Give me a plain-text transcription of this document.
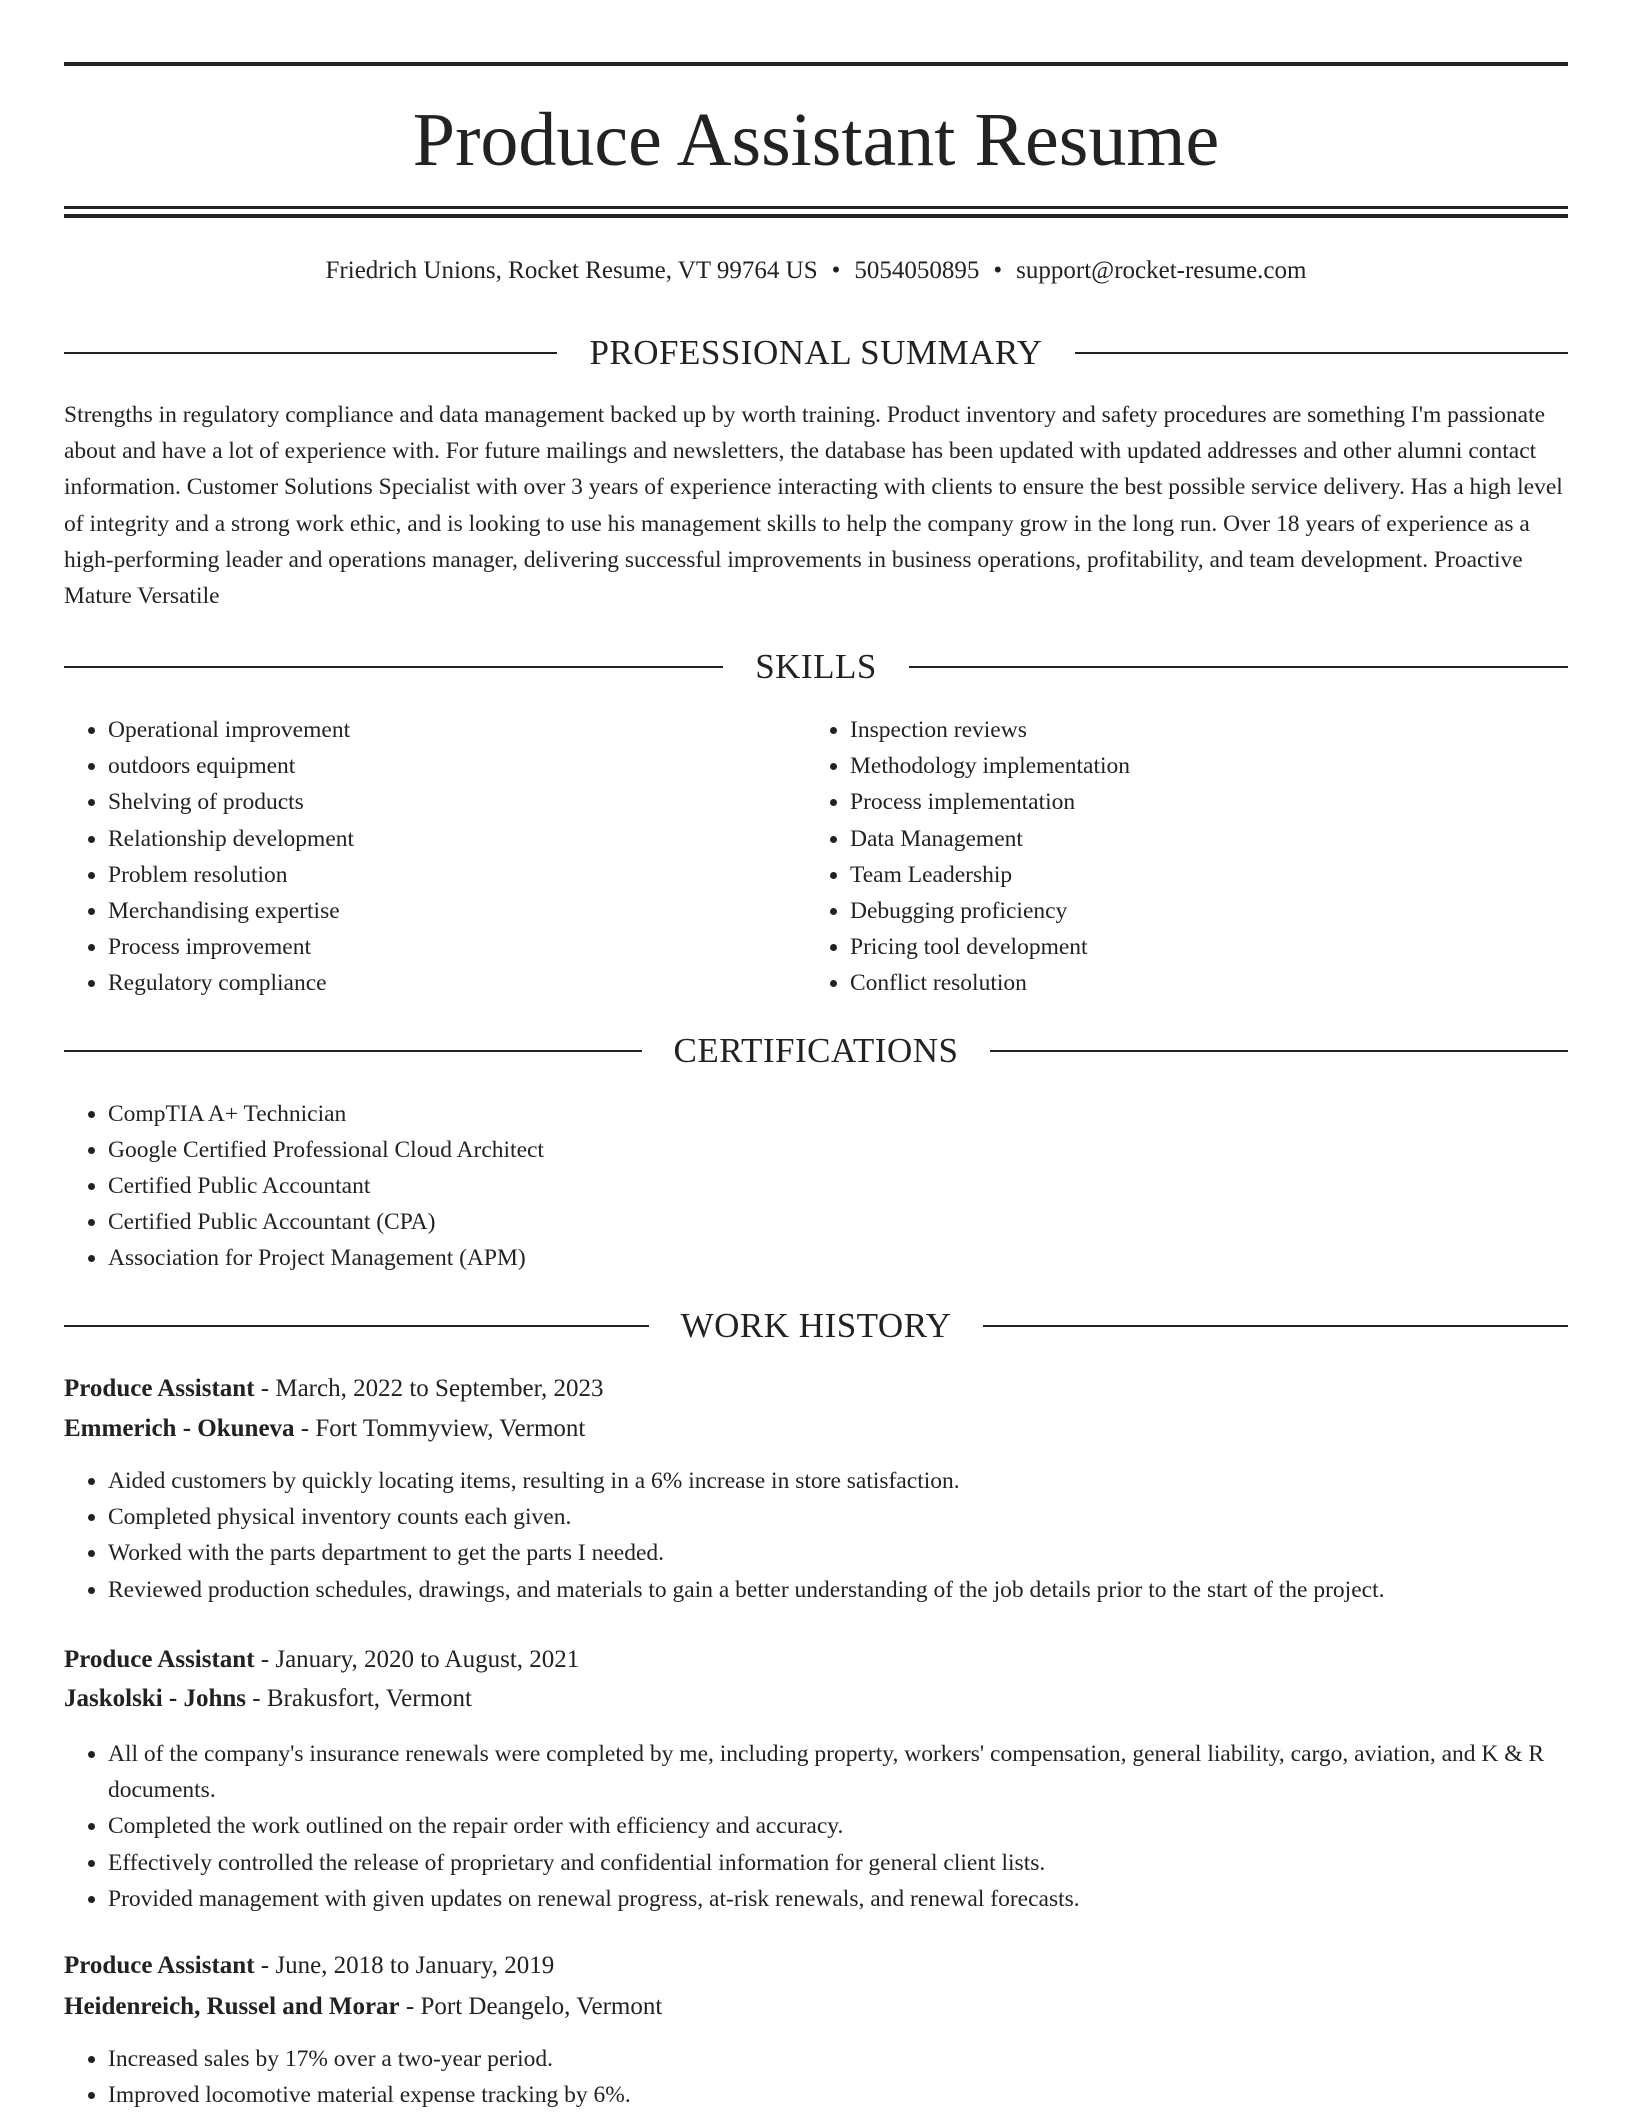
Produce Assistant Resume
Friedrich Unions, Rocket Resume, VT 99764 US • 5054050895 • support@rocket-resume.com
PROFESSIONAL SUMMARY

Strengths in regulatory compliance and data management backed up by worth training. Product inventory and safety procedures are something I'm passionate about and have a lot of experience with. For future mailings and newsletters, the database has been updated with updated addresses and other alumni contact information. Customer Solutions Specialist with over 3 years of experience interacting with clients to ensure the best possible service delivery. Has a high level of integrity and a strong work ethic, and is looking to use his management skills to help the company grow in the long run. Over 18 years of experience as a high-performing leader and operations manager, delivering successful improvements in business operations, profitability, and team development. Proactive Mature Versatile

SKILLS
• Operational improvement
• outdoors equipment
• Shelving of products
• Relationship development
• Problem resolution
• Merchandising expertise
• Process improvement
• Regulatory compliance
• Inspection reviews
• Methodology implementation
• Process implementation
• Data Management
• Team Leadership
• Debugging proficiency
• Pricing tool development
• Conflict resolution
CERTIFICATIONS
• CompTIA A+ Technician
• Google Certified Professional Cloud Architect
• Certified Public Accountant
• Certified Public Accountant (CPA)
• Association for Project Management (APM)
WORK HISTORY
Produce Assistant - March, 2022 to September, 2023
Emmerich - Okuneva - Fort Tommyview, Vermont
• Aided customers by quickly locating items, resulting in a 6% increase in store satisfaction.
• Completed physical inventory counts each given.
• Worked with the parts department to get the parts I needed.
• Reviewed production schedules, drawings, and materials to gain a better understanding of the job details prior to the start of the project.
Produce Assistant - January, 2020 to August, 2021
Jaskolski - Johns - Brakusfort, Vermont
• All of the company's insurance renewals were completed by me, including property, workers' compensation, general liability, cargo, aviation, and K & R documents.
• Completed the work outlined on the repair order with efficiency and accuracy.
• Effectively controlled the release of proprietary and confidential information for general client lists.
• Provided management with given updates on renewal progress, at-risk renewals, and renewal forecasts.
Produce Assistant - June, 2018 to January, 2019
Heidenreich, Russel and Morar - Port Deangelo, Vermont
• Increased sales by 17% over a two-year period.
• Improved locomotive material expense tracking by 6%.
